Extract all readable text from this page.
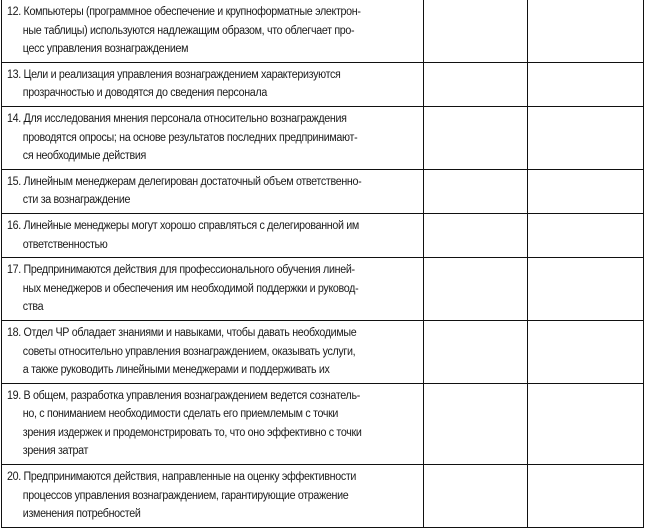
12. Компьютеры (программное обеспечение и крупноформатные электрон-
ные таблицы) используются надлежащим образом, что облегчает про-
цесс управления вознаграждением		

13. Цели и реализация управления вознаграждением характеризуются
прозрачностью и доводятся до сведения персонала		

14. Для исследования мнения персонала относительно вознаграждения
проводятся опросы; на основе результатов последних предпринимают-
ся необходимые действия		

15. Линейным менеджерам делегирован достаточный объем ответственно-
сти за вознаграждение		

16. Линейные менеджеры могут хорошо справляться с делегированной им
ответственностью		

17. Предпринимаются действия для профессионального обучения линей-
ных менеджеров и обеспечения им необходимой поддержки и руковод-
ства		

18. Отдел ЧР обладает знаниями и навыками, чтобы давать необходимые
советы относительно управления вознаграждением, оказывать услуги,
а также руководить линейными менеджерами и поддерживать их		

19. В общем, разработка управления вознаграждением ведется сознатель-
но, с пониманием необходимости сделать его приемлемым с точки
зрения издержек и продемонстрировать то, что оно эффективно с точки
зрения затрат		

20. Предпринимаются действия, направленные на оценку эффективности
процессов управления вознаграждением, гарантирующие отражение
изменения потребностей		
